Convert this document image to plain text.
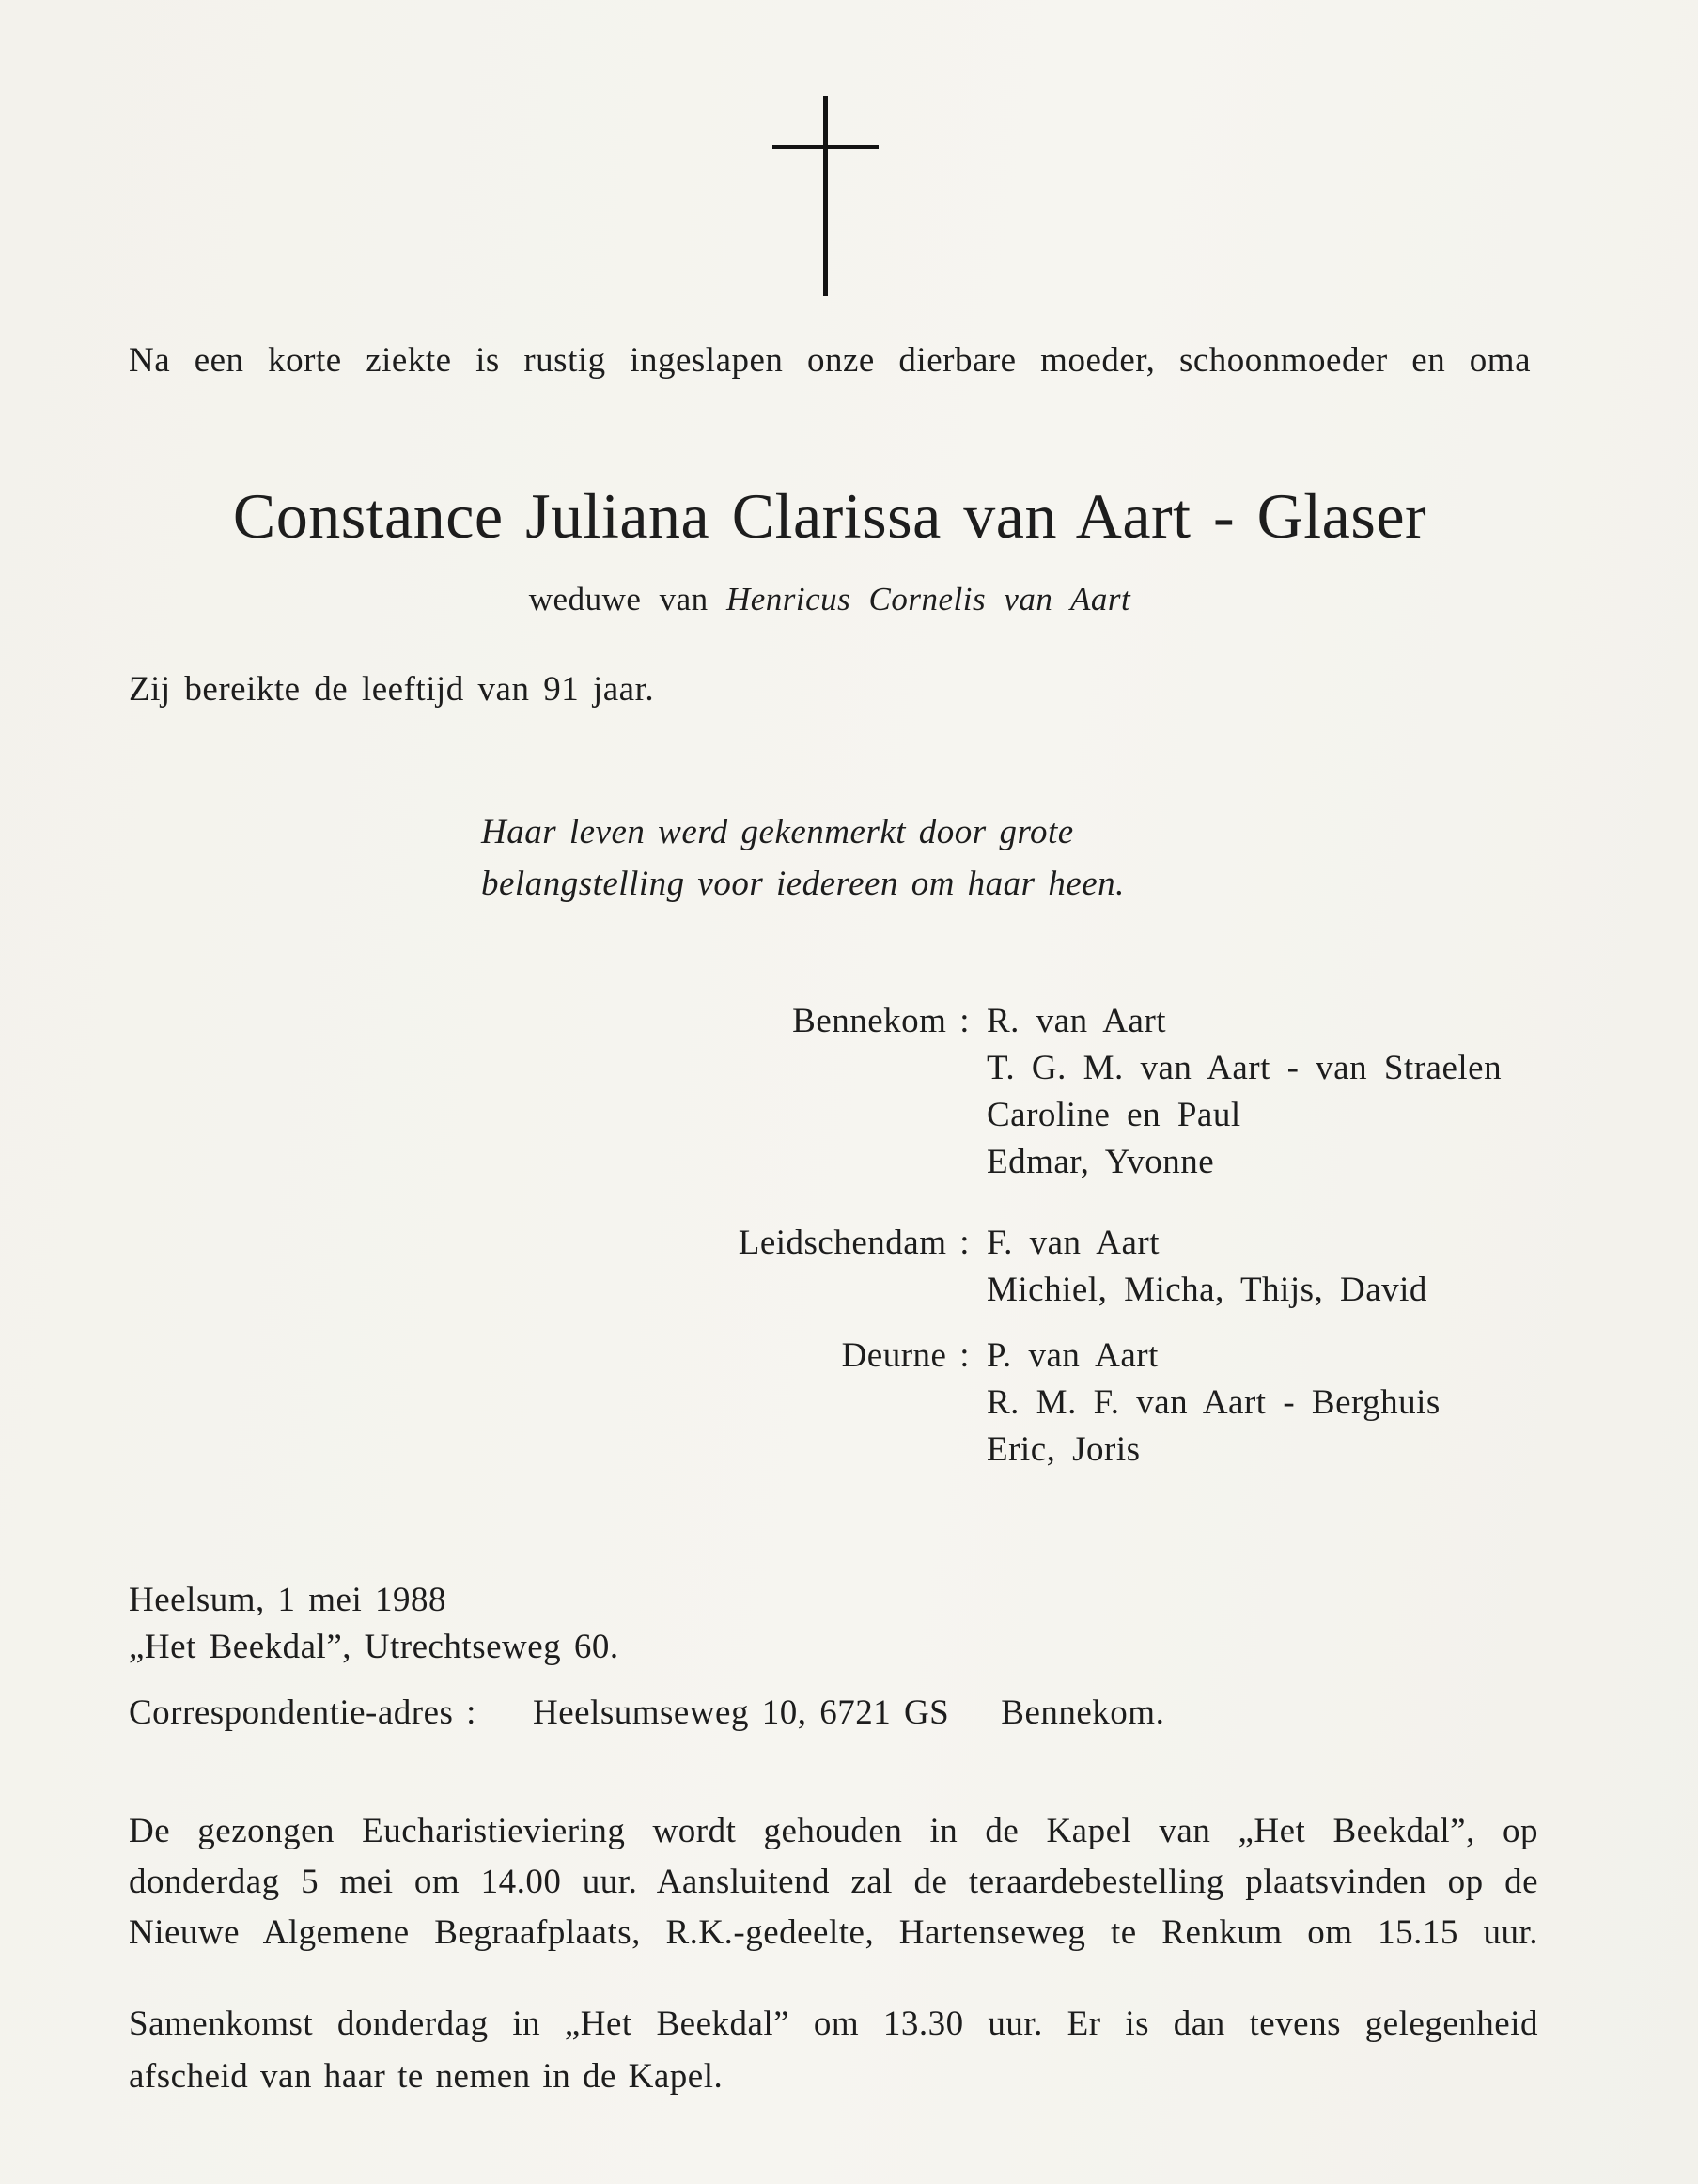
Na een korte ziekte is rustig ingeslapen onze dierbare moeder, schoonmoeder en oma

Constance Juliana Clarissa van Aart - Glaser

weduwe van Henricus Cornelis van Aart

Zij bereikte de leeftijd van 91 jaar.

Haar leven werd gekenmerkt door grote
belangstelling voor iedereen om haar heen.
Bennekom : R. van Aart
T. G. M. van Aart - van Straelen
Caroline en Paul
Edmar, Yvonne
Leidschendam : F. van Aart
Michiel, Micha, Thijs, David
Deurne : P. van Aart
R. M. F. van Aart - Berghuis
Eric, Joris
Heelsum, 1 mei 1988
„Het Beekdal”, Utrechtseweg 60.
Correspondentie-adres : Heelsumseweg 10, 6721 GS Bennekom.
De gezongen Eucharistieviering wordt gehouden in de Kapel van „Het Beekdal”, op
donderdag 5 mei om 14.00 uur. Aansluitend zal de teraardebestelling plaatsvinden op de
Nieuwe Algemene Begraafplaats, R.K.-gedeelte, Hartenseweg te Renkum om 15.15 uur.
Samenkomst donderdag in „Het Beekdal” om 13.30 uur. Er is dan tevens gelegenheid
afscheid van haar te nemen in de Kapel.
